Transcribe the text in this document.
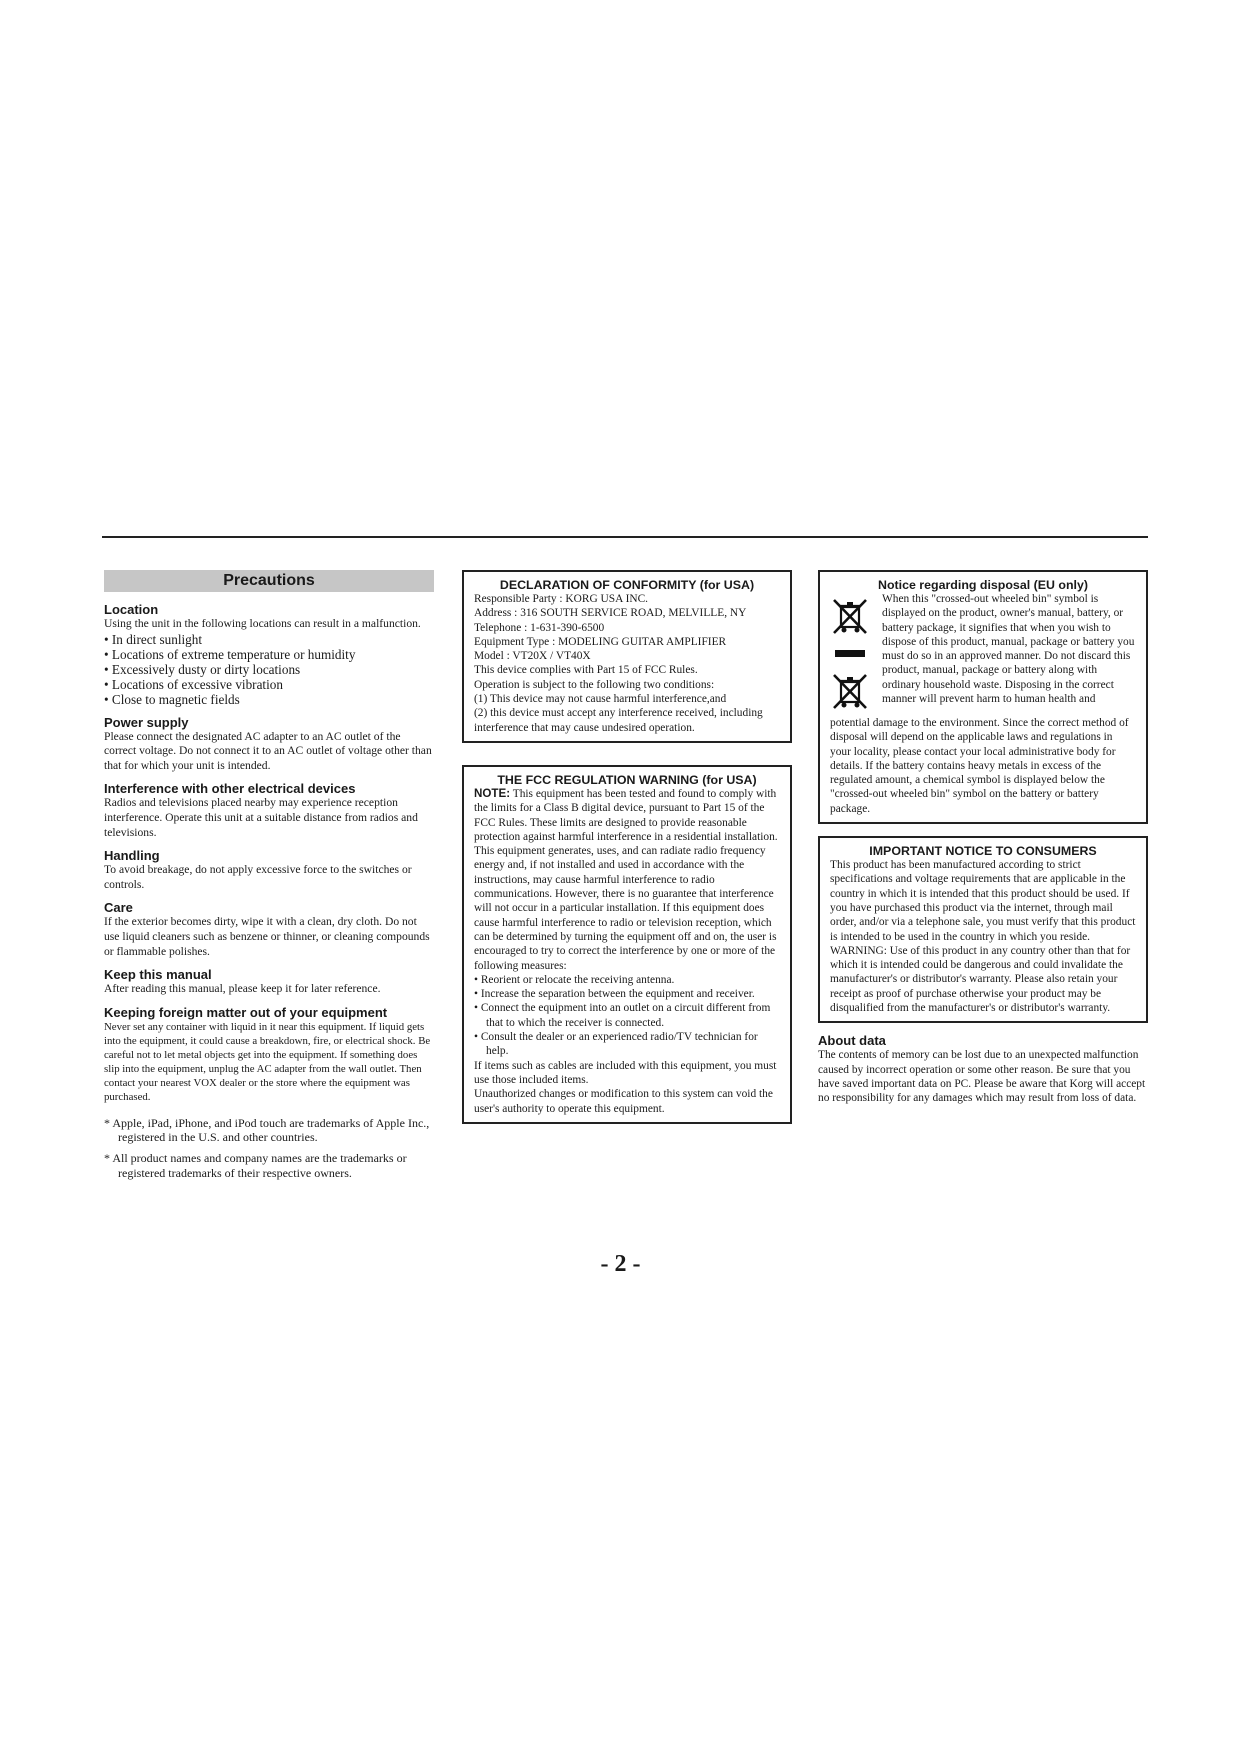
Precautions
Location

Using the unit in the following locations can result in a malfunction.

• In direct sunlight

• Locations of extreme temperature or humidity

• Excessively dusty or dirty locations

• Locations of excessive vibration

• Close to magnetic fields

Power supply

Please connect the designated AC adapter to an AC outlet of the correct voltage. Do not connect it to an AC outlet of voltage other than that for which your unit is intended.

Interference with other electrical devices

Radios and televisions placed nearby may experience reception interference. Operate this unit at a suitable distance from radios and televisions.

Handling

To avoid breakage, do not apply excessive force to the switches or controls.

Care

If the exterior becomes dirty, wipe it with a clean, dry cloth. Do not use liquid cleaners such as benzene or thinner, or cleaning compounds or flammable polishes.

Keep this manual

After reading this manual, please keep it for later reference.

Keeping foreign matter out of your equipment

Never set any container with liquid in it near this equipment. If liquid gets into the equipment, it could cause a breakdown, fire, or electrical shock. Be careful not to let metal objects get into the equipment. If something does slip into the equipment, unplug the AC adapter from the wall outlet. Then contact your nearest VOX dealer or the store where the equipment was purchased.

* Apple, iPad, iPhone, and iPod touch are trademarks of Apple Inc., registered in the U.S. and other countries.

* All product names and company names are the trademarks or registered trademarks of their respective owners.

DECLARATION OF CONFORMITY (for USA)

Responsible Party : KORG USA INC.

Address : 316 SOUTH SERVICE ROAD, MELVILLE, NY

Telephone : 1-631-390-6500

Equipment Type : MODELING GUITAR AMPLIFIER

Model : VT20X / VT40X

This device complies with Part 15 of FCC Rules.

Operation is subject to the following two conditions:

(1) This device may not cause harmful interference,and

(2) this device must accept any interference received, including interference that may cause undesired operation.

THE FCC REGULATION WARNING (for USA)

NOTE: This equipment has been tested and found to comply with the limits for a Class B digital device, pursuant to Part 15 of the FCC Rules. These limits are designed to provide reasonable protection against harmful interference in a residential installation. This equipment generates, uses, and can radiate radio frequency energy and, if not installed and used in accordance with the instructions, may cause harmful interference to radio communications. However, there is no guarantee that interference will not occur in a particular installation. If this equipment does cause harmful interference to radio or television reception, which can be determined by turning the equipment off and on, the user is encouraged to try to correct the interference by one or more of the following measures:

• Reorient or relocate the receiving antenna.

• Increase the separation between the equipment and receiver.

• Connect the equipment into an outlet on a circuit different from that to which the receiver is connected.

• Consult the dealer or an experienced radio/TV technician for help.

If items such as cables are included with this equipment, you must use those included items.

Unauthorized changes or modification to this system can void the user's authority to operate this equipment.

Notice regarding disposal (EU only)

When this "crossed-out wheeled bin" symbol is displayed on the product, owner's manual, battery, or battery package, it signifies that when you wish to dispose of this product, manual, package or battery you must do so in an approved manner. Do not discard this product, manual, package or battery along with ordinary household waste. Disposing in the correct manner will prevent harm to human health and

potential damage to the environment. Since the correct method of disposal will depend on the applicable laws and regulations in your locality, please contact your local administrative body for details. If the battery contains heavy metals in excess of the regulated amount, a chemical symbol is displayed below the "crossed-out wheeled bin" symbol on the battery or battery package.

IMPORTANT NOTICE TO CONSUMERS

This product has been manufactured according to strict specifications and voltage requirements that are applicable in the country in which it is intended that this product should be used. If you have purchased this product via the internet, through mail order, and/or via a telephone sale, you must verify that this product is intended to be used in the country in which you reside. WARNING: Use of this product in any country other than that for which it is intended could be dangerous and could invalidate the manufacturer's or distributor's warranty. Please also retain your receipt as proof of purchase otherwise your product may be disqualified from the manufacturer's or distributor's warranty.

About data

The contents of memory can be lost due to an unexpected malfunction caused by incorrect operation or some other reason. Be sure that you have saved important data on PC. Please be aware that Korg will accept no responsibility for any damages which may result from loss of data.

- 2 -
